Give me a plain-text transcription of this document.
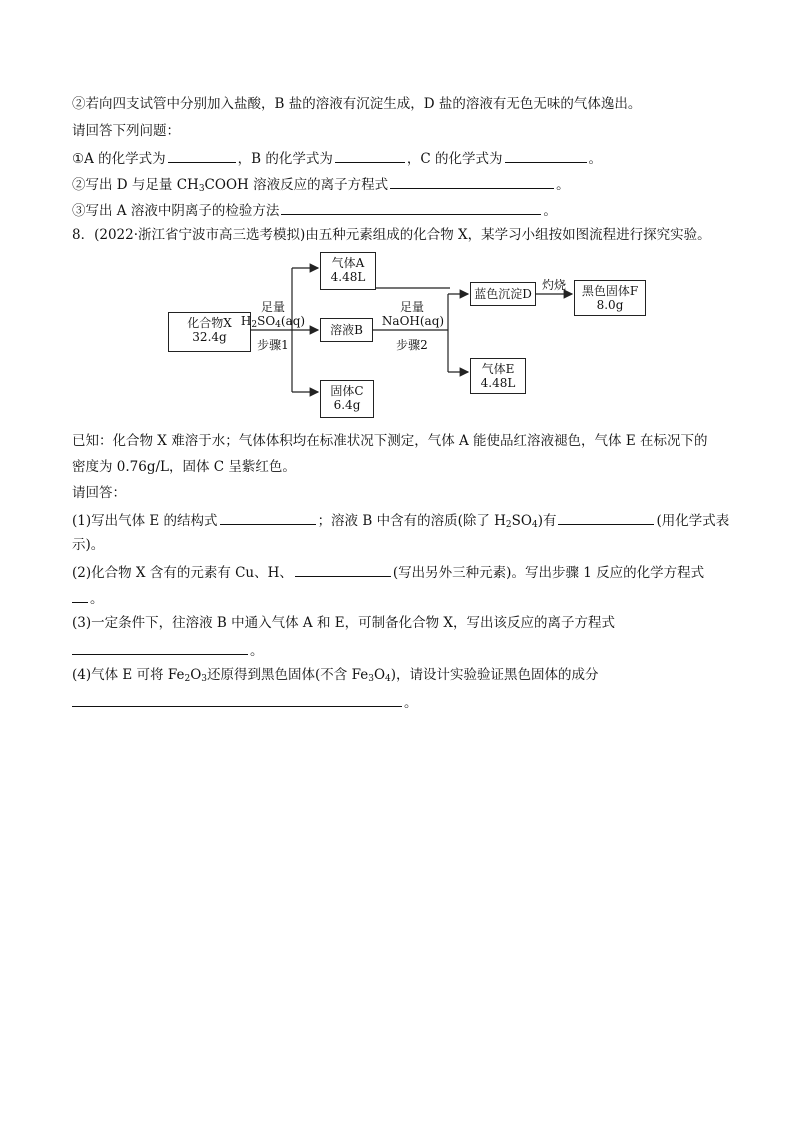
②若向四支试管中分别加入盐酸，B 盐的溶液有沉淀生成，D 盐的溶液有无色无味的气体逸出。
请回答下列问题：
①A 的化学式为	，B 的化学式为	，C 的化学式为	。
②写出 D 与足量 $CH_3COOH$ 溶液反应的离子方程式	。
③写出 A 溶液中阴离子的检验方法	。
8．(2022·浙江省宁波市高三选考模拟)由五种元素组成的化合物 X，某学习小组按如图流程进行探究实验。
化合物X
32.4g
足量
$H_2SO_4(aq)$
步骤1
气体A
4.48L
溶液B
固体C
6.4g
足量
NaOH(aq)
步骤2
蓝色沉淀D
灼烧	黑色固体F
8.0g
气体E
4.48L
已知：化合物 X 难溶于水；气体体积均在标准状况下测定，气体 A 能使品红溶液褪色，气体 E 在标况下的
密度为 0.76g/L，固体 C 呈紫红色。
请回答：
(1)写出气体 E 的结构式	；溶液 B 中含有的溶质(除了 $H_2SO_4$)有	(用化学式表
示)。
(2)化合物 X 含有的元素有 Cu、H、	(写出另外三种元素)。写出步骤 1 反应的化学方程式
。
(3)一定条件下，往溶液 B 中通入气体 A 和 E，可制备化合物 X，写出该反应的离子方程式
。
(4)气体 E 可将 $Fe_2O_3$还原得到黑色固体(不含 $Fe_3O_4$)，请设计实验验证黑色固体的成分
。
